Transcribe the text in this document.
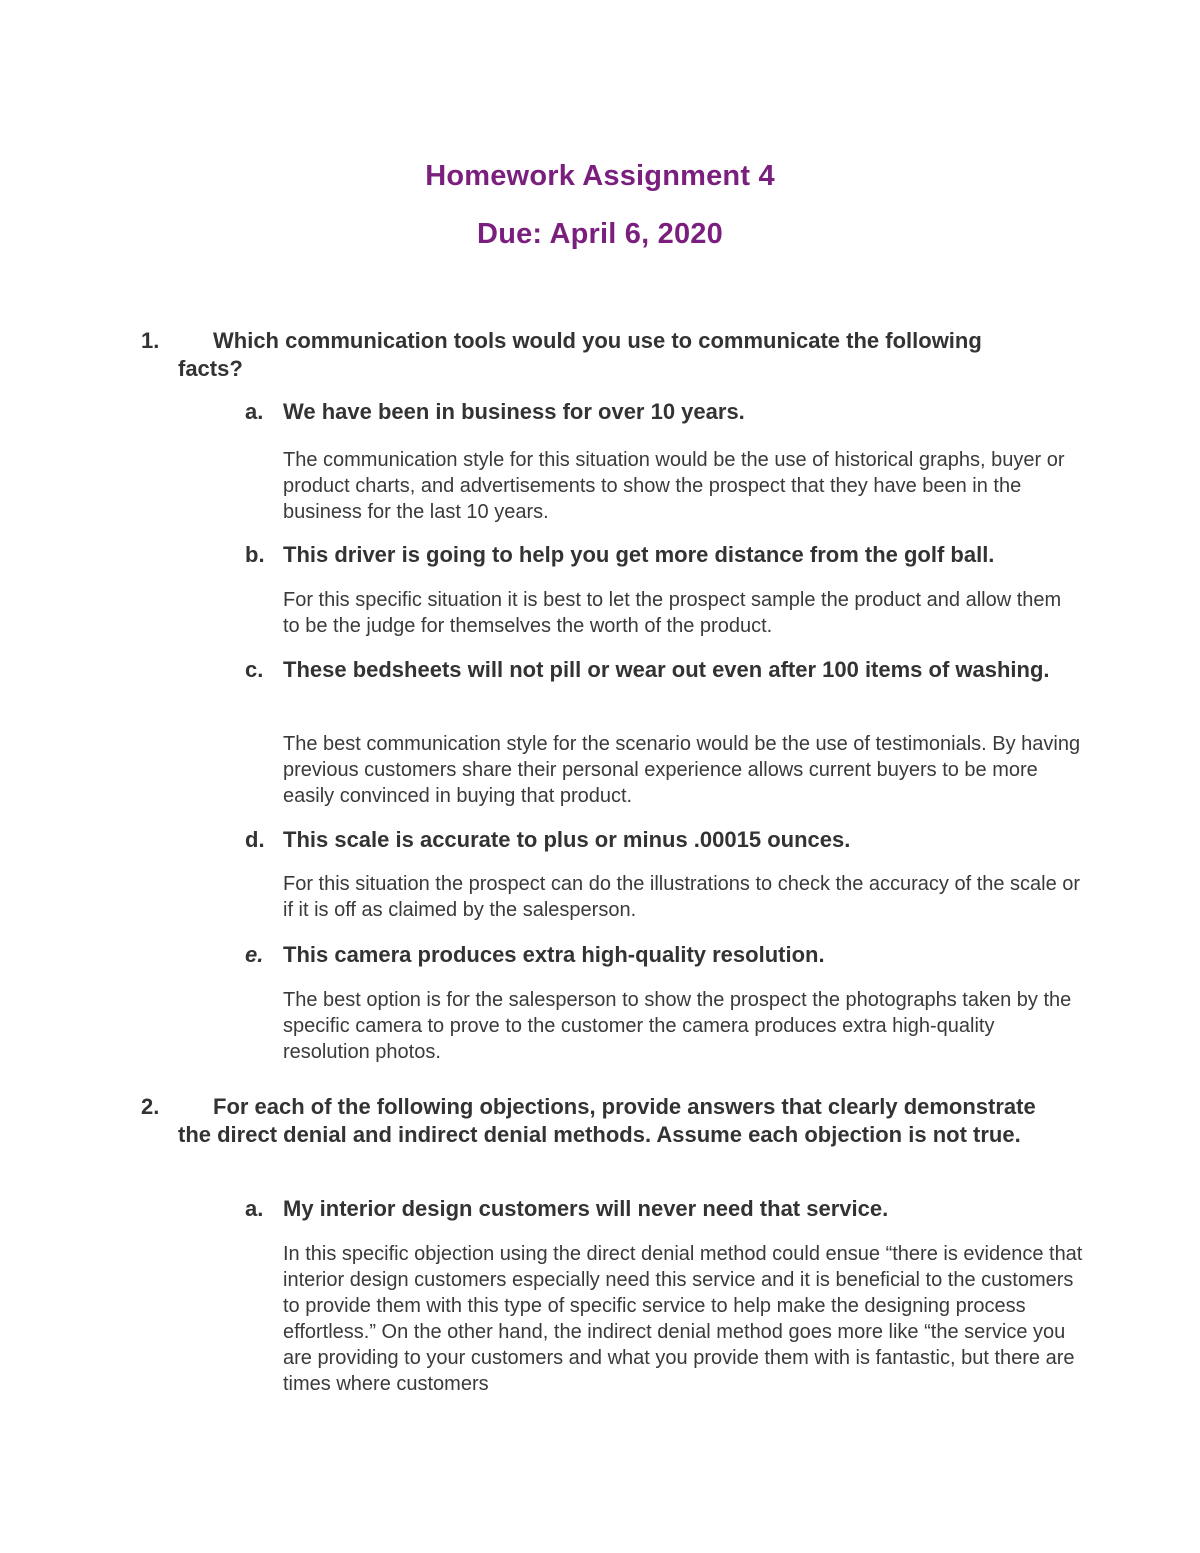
Homework Assignment 4
Due: April 6, 2020
1.	Which communication tools would you use to communicate the following facts?
a. We have been in business for over 10 years.
The communication style for this situation would be the use of historical graphs, buyer or product charts, and advertisements to show the prospect that they have been in the business for the last 10 years.
b. This driver is going to help you get more distance from the golf ball.
For this specific situation it is best to let the prospect sample the product and allow them to be the judge for themselves the worth of the product.
c. These bedsheets will not pill or wear out even after 100 items of washing.
The best communication style for the scenario would be the use of testimonials. By having previous customers share their personal experience allows current buyers to be more easily convinced in buying that product.
d. This scale is accurate to plus or minus .00015 ounces.
For this situation the prospect can do the illustrations to check the accuracy of the scale or if it is off as claimed by the salesperson.
e. This camera produces extra high-quality resolution.
The best option is for the salesperson to show the prospect the photographs taken by the specific camera to prove to the customer the camera produces extra high-quality resolution photos.
2.	For each of the following objections, provide answers that clearly demonstrate the direct denial and indirect denial methods. Assume each objection is not true.
a. My interior design customers will never need that service.
In this specific objection using the direct denial method could ensue “there is evidence that interior design customers especially need this service and it is beneficial to the customers to provide them with this type of specific service to help make the designing process effortless.” On the other hand, the indirect denial method goes more like “the service you are providing to your customers and what you provide them with is fantastic, but there are times where customers
